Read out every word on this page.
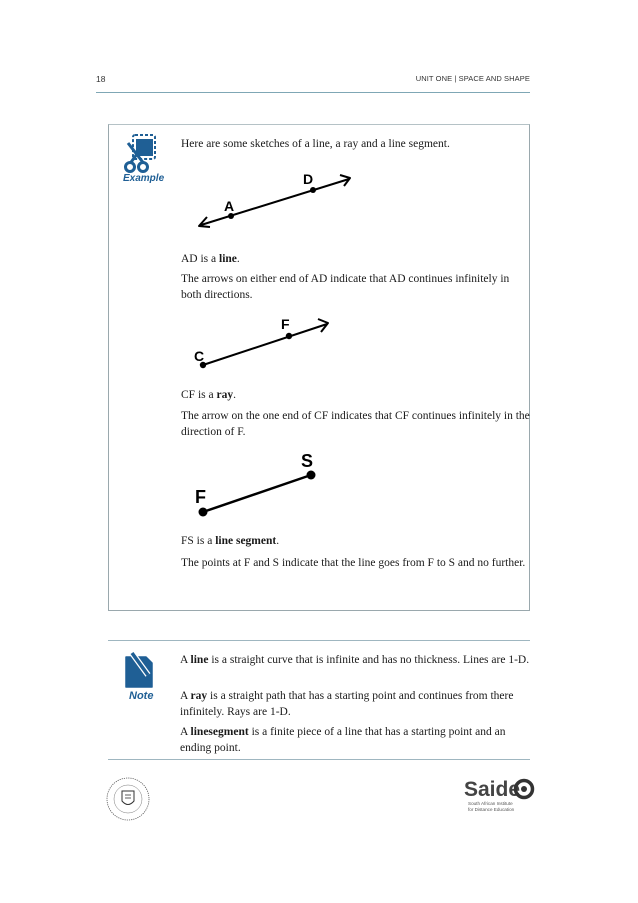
18	UNIT ONE | SPACE AND SHAPE
Example

Here are some sketches of a line, a ray and a line segment.

A
D

AD is a line.

The arrows on either end of AD indicate that AD continues infinitely in both directions.

C
F

CF is a ray.

The arrow on the one end of CF indicates that CF continues infinitely in the direction of F.

F
S

FS is a line segment.

The points at F and S indicate that the line goes from F to S and no further.

Note

A line is a straight curve that is infinite and has no thickness. Lines are 1-D.

A ray is a straight path that has a starting point and continues from there infinitely. Rays are 1-D.

A linesegment is a finite piece of a line that has a starting point and an ending point.

Saide
South African Institute
for Distance Education
